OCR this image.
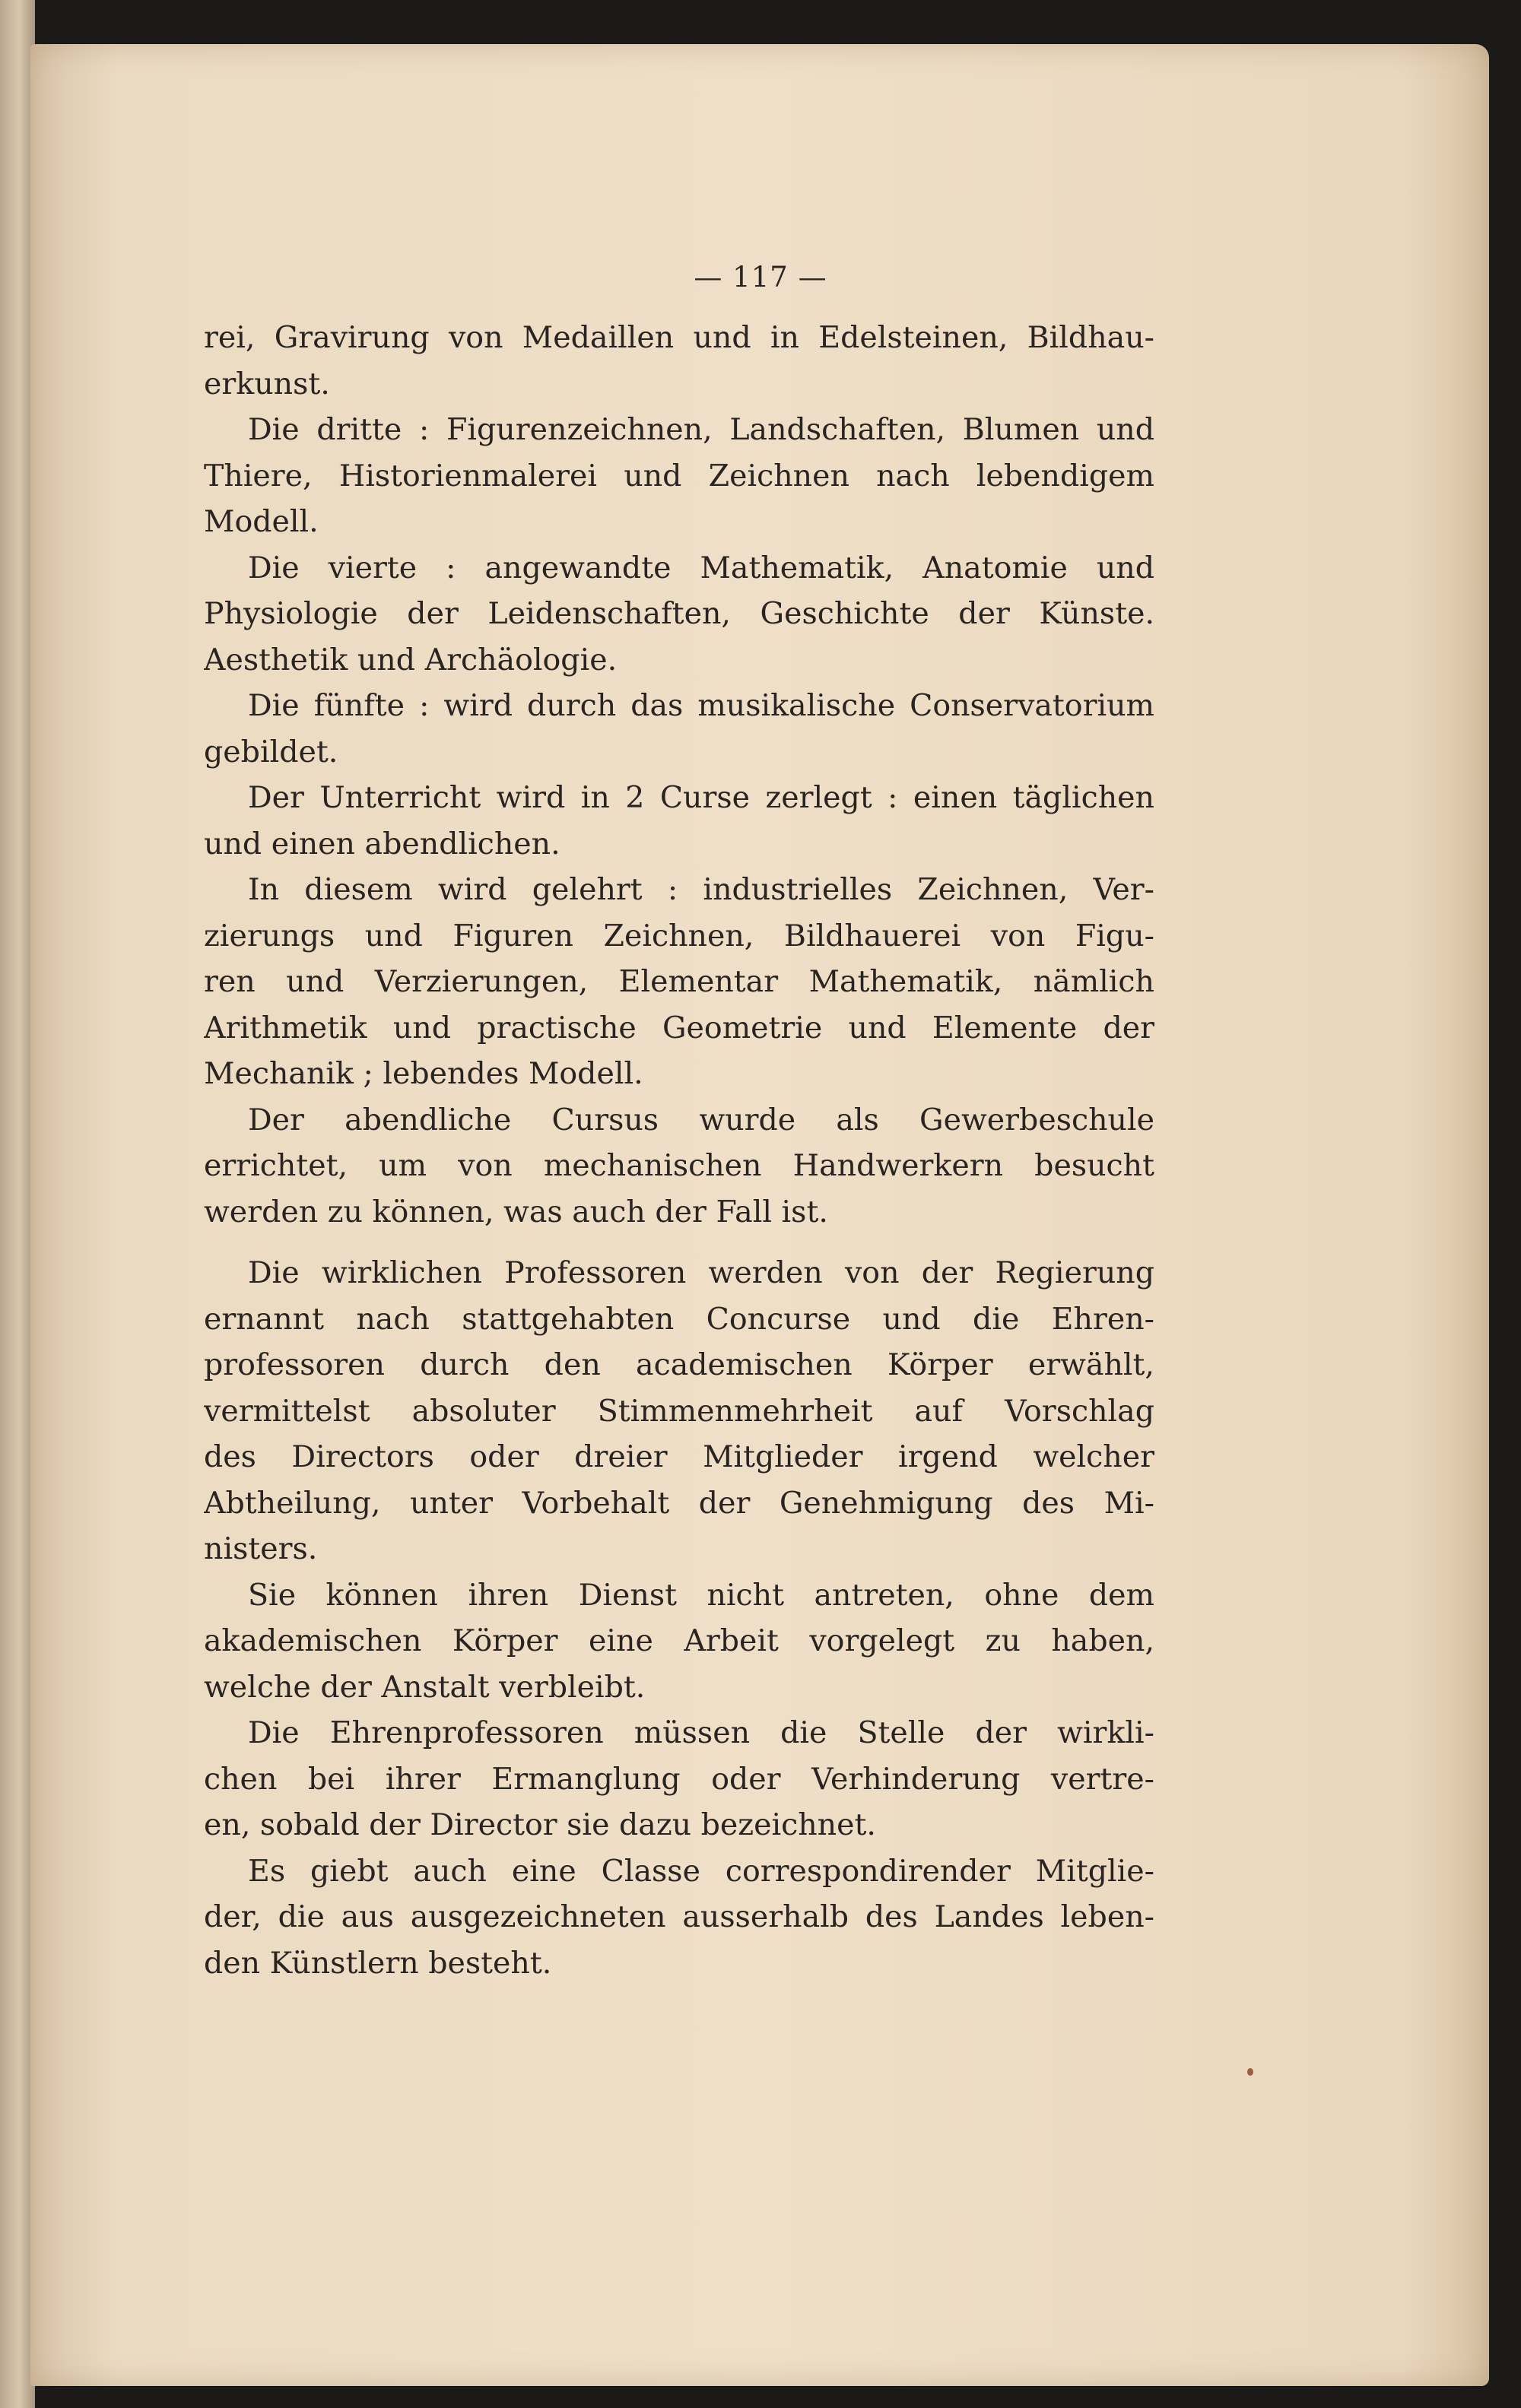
— 117 —
rei, Gravirung von Medaillen und in Edelsteinen, Bildhau-
erkunst.
Die dritte : Figurenzeichnen, Landschaften, Blumen und
Thiere, Historienmalerei und Zeichnen nach lebendigem
Modell.
Die vierte : angewandte Mathematik, Anatomie und
Physiologie der Leidenschaften, Geschichte der Künste.
Aesthetik und Archäologie.
Die fünfte : wird durch das musikalische Conservatorium
gebildet.
Der Unterricht wird in 2 Curse zerlegt : einen täglichen
und einen abendlichen.
In diesem wird gelehrt : industrielles Zeichnen, Ver-
zierungs und Figuren Zeichnen, Bildhauerei von Figu-
ren und Verzierungen, Elementar Mathematik, nämlich
Arithmetik und practische Geometrie und Elemente der
Mechanik ; lebendes Modell.
Der abendliche Cursus wurde als Gewerbeschule
errichtet, um von mechanischen Handwerkern besucht
werden zu können, was auch der Fall ist.
Die wirklichen Professoren werden von der Regierung
ernannt nach stattgehabten Concurse und die Ehren-
professoren durch den academischen Körper erwählt,
vermittelst absoluter Stimmenmehrheit auf Vorschlag
des Directors oder dreier Mitglieder irgend welcher
Abtheilung, unter Vorbehalt der Genehmigung des Mi-
nisters.
Sie können ihren Dienst nicht antreten, ohne dem
akademischen Körper eine Arbeit vorgelegt zu haben,
welche der Anstalt verbleibt.
Die Ehrenprofessoren müssen die Stelle der wirkli-
chen bei ihrer Ermanglung oder Verhinderung vertre-
en, sobald der Director sie dazu bezeichnet.
Es giebt auch eine Classe correspondirender Mitglie-
der, die aus ausgezeichneten ausserhalb des Landes leben-
den Künstlern besteht.
